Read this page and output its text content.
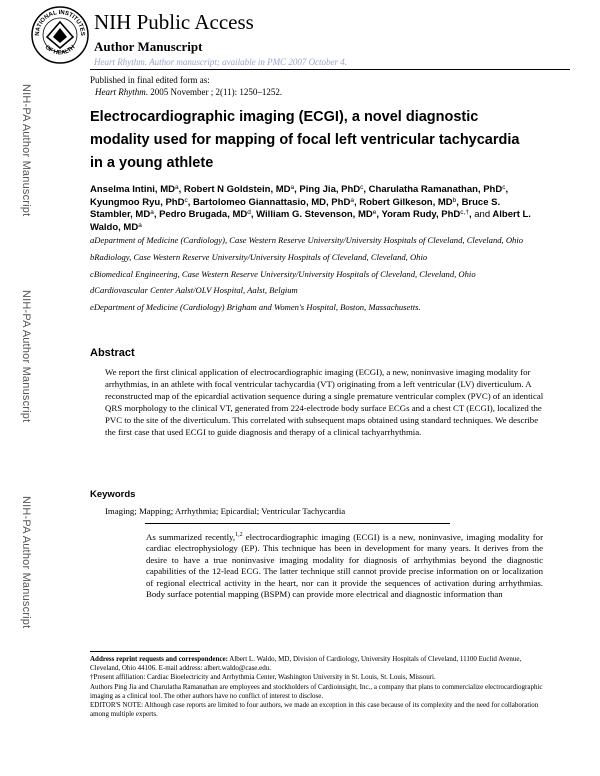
NATIONAL INSTITUTES
OF HEALTH
NIH Public Access
Author Manuscript
Heart Rhythm. Author manuscript; available in PMC 2007 October 4.
Published in final edited form as:
Heart Rhythm. 2005 November ; 2(11): 1250–1252.
NIH-PA Author Manuscript
NIH-PA Author Manuscript
NIH-PA Author Manuscript
Electrocardiographic imaging (ECGI), a novel diagnostic modality used for mapping of focal left ventricular tachycardia in a young athlete
Anselma Intini, $MD^a$, Robert N Goldstein, $MD^a$, Ping Jia, PhD$^c$, Charulatha Ramanathan, PhD$^c$, Kyungmoo Ryu, PhD$^c$, Bartolomeo Giannattasio, MD, PhD$^a$, Robert Gilkeson, $MD^b$, Bruce S. Stambler, $MD^a$, Pedro Brugada, $MD^d$, William G. Stevenson, MDe, Yoram Rudy, PhD$^{c,\dagger}$, and Albert L. Waldo, $MD^a$
aDepartment of Medicine (Cardiology), Case Western Reserve University/University Hospitals of Cleveland, Cleveland, Ohio
bRadiology, Case Western Reserve University/University Hospitals of Cleveland, Cleveland, Ohio
cBiomedical Engineering, Case Western Reserve University/University Hospitals of Cleveland, Cleveland, Ohio
dCardiovascular Center Aalst/OLV Hospital, Aalst, Belgium
eDepartment of Medicine (Cardiology) Brigham and Women's Hospital, Boston, Massachusetts.
Abstract
We report the first clinical application of electrocardiographic imaging (ECGI), a new, noninvasive imaging modality for arrhythmias, in an athlete with focal ventricular tachycardia (VT) originating from a left ventricular (LV) diverticulum. A reconstructed map of the epicardial activation sequence during a single premature ventricular complex (PVC) of an identical QRS morphology to the clinical VT, generated from 224-electrode body surface ECGs and a chest CT (ECGI), localized the PVC to the site of the diverticulum. This correlated with subsequent maps obtained using standard techniques. We describe the first case that used ECGI to guide diagnosis and therapy of a clinical tachyarrhythmia.
Keywords
Imaging; Mapping; Arrhythmia; Epicardial; Ventricular Tachycardia
As summarized recently,$^{1,2}$ electrocardiographic imaging (ECGI) is a new, noninvasive, imaging modality for cardiac electrophysiology (EP). This technique has been in development for many years. It derives from the desire to have a true noninvasive imaging modality for diagnosis of arrhythmias beyond the diagnostic capabilities of the 12-lead ECG. The latter technique still cannot provide precise information on or localization of regional electrical activity in the heart, nor can it provide the sequences of activation during arrhythmias. Body surface potential mapping (BSPM) can provide more electrical and diagnostic information than
Address reprint requests and correspondence: Albert L. Waldo, MD, Division of Cardiology, University Hospitals of Cleveland, 11100 Euclid Avenue, Cleveland, Ohio 44106. E-mail address: albert.waldo@case.edu.
†Present affiliation: Cardiac Bioelectricity and Arrhythmia Center, Washington University in St. Louis, St. Louis, Missouri.
Authors Ping Jia and Charulatha Ramanathan are employees and stockholders of Cardioinsight, Inc., a company that plans to commercialize electrocardiographic imaging as a clinical tool. The other authors have no conflict of interest to disclose.
EDITOR'S NOTE: Although case reports are limited to four authors, we made an exception in this case because of its complexity and the need for collaboration among multiple experts.
